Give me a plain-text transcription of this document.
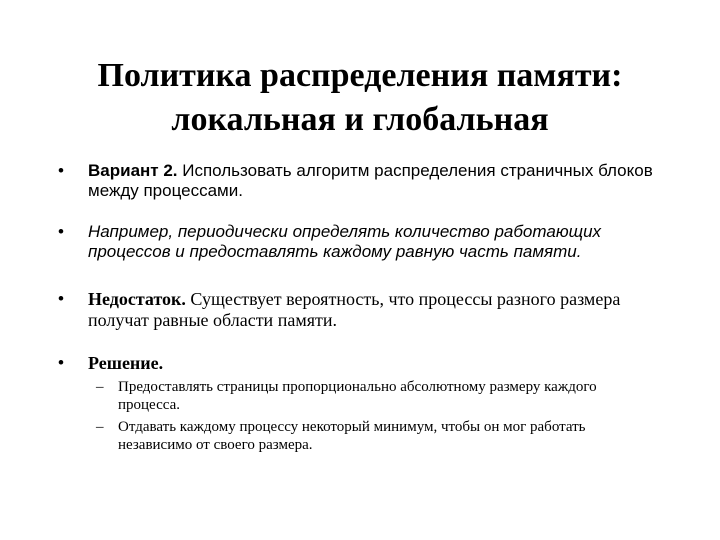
Политика распределения памяти:
локальная и глобальная
• Вариант 2. Использовать алгоритм распределения страничных блоков между процессами.
• Например, периодически определять количество работающих процессов и предоставлять каждому равную часть памяти.
• Недостаток. Существует вероятность, что процессы разного размера получат равные области памяти.
• Решение.
– Предоставлять страницы пропорционально абсолютному размеру каждого процесса.
– Отдавать каждому процессу некоторый минимум, чтобы он мог работать независимо от своего размера.
